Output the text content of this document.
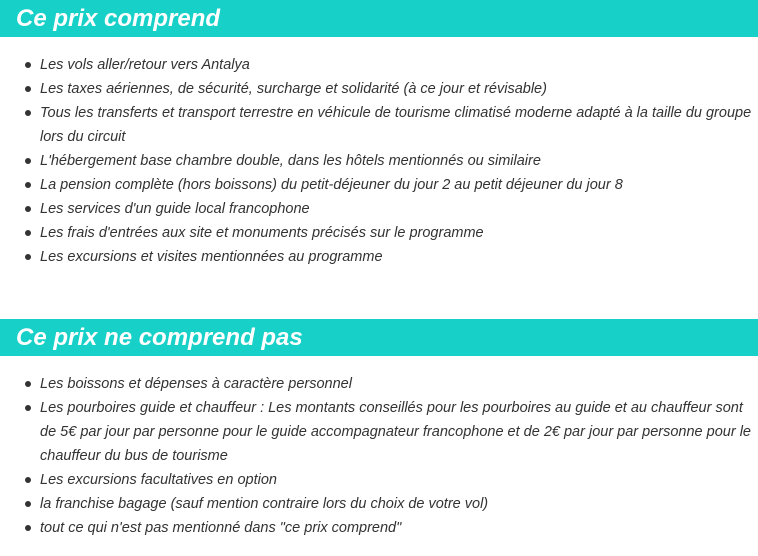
Ce prix comprend
Les vols aller/retour vers Antalya
Les taxes aériennes, de sécurité, surcharge et solidarité (à ce jour et révisable)
Tous les transferts et transport terrestre en véhicule de tourisme climatisé moderne adapté à la taille du groupe lors du circuit
L'hébergement base chambre double, dans les hôtels mentionnés ou similaire
La pension complète (hors boissons) du petit-déjeuner du jour 2 au petit déjeuner du jour 8
Les services d'un guide local francophone
Les frais d'entrées aux site et monuments précisés sur le programme
Les excursions et visites mentionnées au programme
Ce prix ne comprend pas
Les boissons et dépenses à caractère personnel
Les pourboires guide et chauffeur : Les montants conseillés pour les pourboires au guide et au chauffeur sont de 5€ par jour par personne pour le guide accompagnateur francophone et de 2€ par jour par personne pour le chauffeur du bus de tourisme
Les excursions facultatives en option
la franchise bagage (sauf mention contraire lors du choix de votre vol)
tout ce qui n'est pas mentionné dans "ce prix comprend"
